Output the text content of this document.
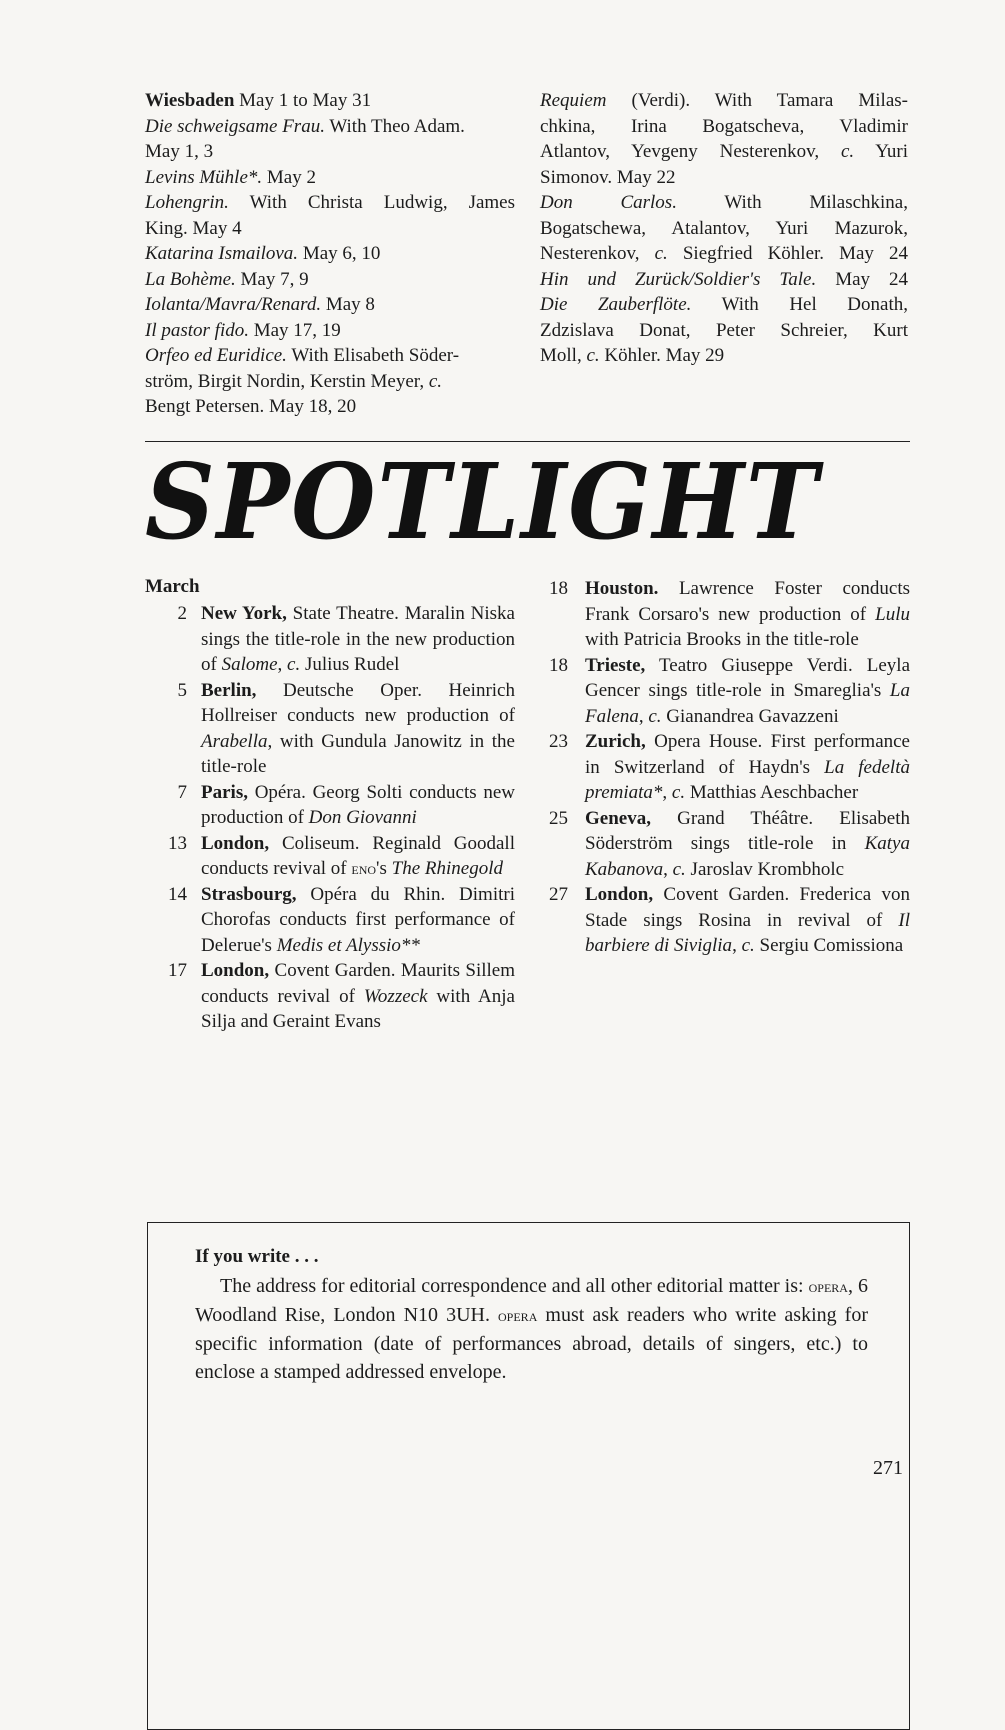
Wiesbaden May 1 to May 31
Die schweigsame Frau. With Theo Adam.
May 1, 3
Levins Mühle*. May 2
Lohengrin. With Christa Ludwig, James
King. May 4
Katarina Ismailova. May 6, 10
La Bohème. May 7, 9
Iolanta/Mavra/Renard. May 8
Il pastor fido. May 17, 19
Orfeo ed Euridice. With Elisabeth Söder-
ström, Birgit Nordin, Kerstin Meyer, c.
Bengt Petersen. May 18, 20
Requiem (Verdi). With Tamara Milas-
chkina, Irina Bogatscheva, Vladimir
Atlantov, Yevgeny Nesterenkov, c. Yuri
Simonov. May 22
Don Carlos. With Milaschkina,
Bogatschewa, Atalantov, Yuri Mazurok,
Nesterenkov, c. Siegfried Köhler. May 24
Hin und Zurück/Soldier's Tale. May 24
Die Zauberflöte. With Hel Donath,
Zdzislava Donat, Peter Schreier, Kurt
Moll, c. Köhler. May 29
SPOTLIGHT
March
2 New York, State Theatre. Maralin Niska sings the title-role in the new production of Salome, c. Julius Rudel
5 Berlin, Deutsche Oper. Heinrich Hollreiser conducts new production of Arabella, with Gundula Janowitz in the title-role
7 Paris, Opéra. Georg Solti conducts new production of Don Giovanni
13 London, Coliseum. Reginald Goodall conducts revival of eno's The Rhinegold
14 Strasbourg, Opéra du Rhin. Dimitri Chorofas conducts first performance of Delerue's Medis et Alyssio**
17 London, Covent Garden. Maurits Sillem conducts revival of Wozzeck with Anja Silja and Geraint Evans
18 Houston. Lawrence Foster conducts Frank Corsaro's new production of Lulu with Patricia Brooks in the title-role
18 Trieste, Teatro Giuseppe Verdi. Leyla Gencer sings title-role in Smareglia's La Falena, c. Gianandrea Gavazzeni
23 Zurich, Opera House. First performance in Switzerland of Haydn's La fedeltà premiata*, c. Matthias Aeschbacher
25 Geneva, Grand Théâtre. Elisabeth Söderström sings title-role in Katya Kabanova, c. Jaroslav Krombholc
27 London, Covent Garden. Frederica von Stade sings Rosina in revival of Il barbiere di Siviglia, c. Sergiu Comissiona
If you write . . .
The address for editorial correspondence and all other editorial matter is: opera, 6 Woodland Rise, London N10 3UH. opera must ask readers who write asking for specific information (date of performances abroad, details of singers, etc.) to enclose a stamped addressed envelope.
271
